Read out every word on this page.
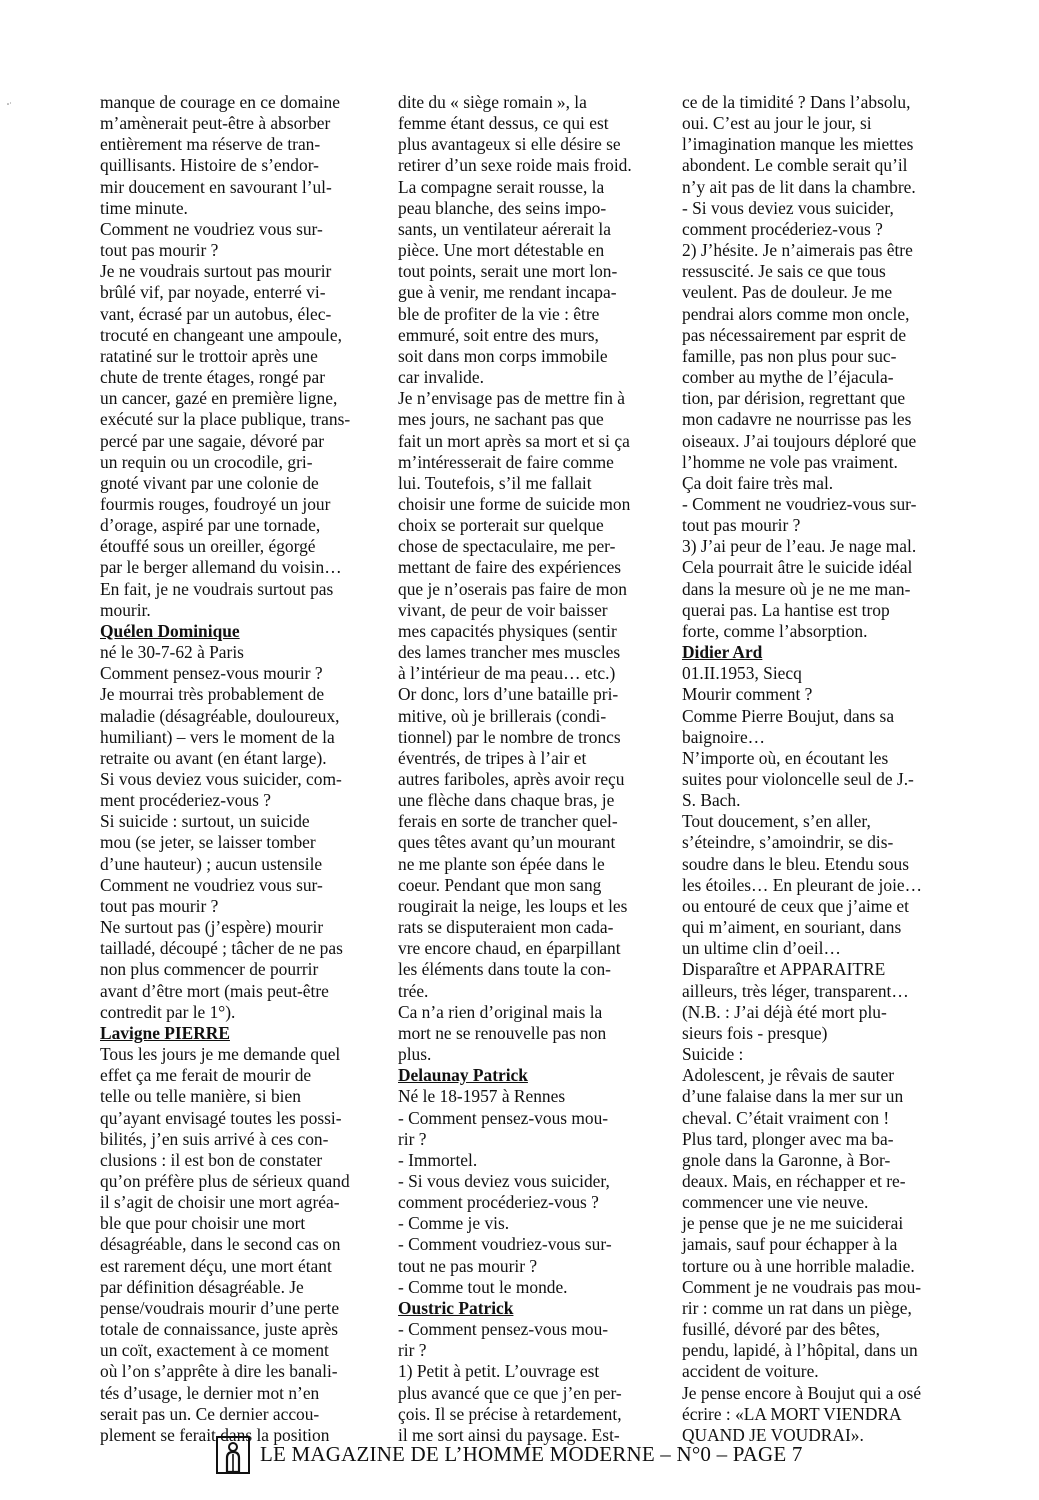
manque de courage en ce domaine

m’amènerait peut-être à absorber

entièrement ma réserve de tran-

quillisants. Histoire de s’endor-

mir doucement en savourant l’ul-

time minute.

Comment ne voudriez vous sur-

tout pas mourir ?

Je ne voudrais surtout pas mourir

brûlé vif, par noyade, enterré vi-

vant, écrasé par un autobus, élec-

trocuté en changeant une ampoule,

ratatiné sur le trottoir après une

chute de trente étages, rongé par

un cancer, gazé en première ligne,

exécuté sur la place publique, trans-

percé par une sagaie, dévoré par

un requin ou un crocodile, gri-

gnoté vivant par une colonie de

fourmis rouges, foudroyé un jour

d’orage, aspiré par une tornade,

étouffé sous un oreiller, égorgé

par le berger allemand du voisin…

En fait, je ne voudrais surtout pas

mourir.

Quélen Dominique

né le 30-7-62 à Paris

Comment pensez-vous mourir ?

Je mourrai très probablement de

maladie (désagréable, douloureux,

humiliant) – vers le moment de la

retraite ou avant (en étant large).

Si vous deviez vous suicider, com-

ment procéderiez-vous ?

Si suicide : surtout, un suicide

mou (se jeter, se laisser tomber

d’une hauteur) ; aucun ustensile

Comment ne voudriez vous sur-

tout pas mourir ?

Ne surtout pas (j’espère) mourir

tailladé, découpé ; tâcher de ne pas

non plus commencer de pourrir

avant d’être mort (mais peut-être

contredit par le 1°).

Lavigne PIERRE

Tous les jours je me demande quel

effet ça me ferait de mourir de

telle ou telle manière, si bien

qu’ayant envisagé toutes les possi-

bilités, j’en suis arrivé à ces con-

clusions : il est bon de constater

qu’on préfère plus de sérieux quand

il s’agit de choisir une mort agréa-

ble que pour choisir une mort

désagréable, dans le second cas on

est rarement déçu, une mort étant

par définition désagréable. Je

pense/voudrais mourir d’une perte

totale de connaissance, juste après

un coït, exactement à ce moment

où l’on s’apprête à dire les banali-

tés d’usage, le dernier mot n’en

serait pas un. Ce dernier accou-

plement se ferait dans la position

dite du « siège romain », la

femme étant dessus, ce qui est

plus avantageux si elle désire se

retirer d’un sexe roide mais froid.

La compagne serait rousse, la

peau blanche, des seins impo-

sants, un ventilateur aérerait la

pièce. Une mort détestable en

tout points, serait une mort lon-

gue à venir, me rendant incapa-

ble de profiter de la vie : être

emmuré, soit entre des murs,

soit dans mon corps immobile

car invalide.

Je n’envisage pas de mettre fin à

mes jours, ne sachant pas que

fait un mort après sa mort et si ça

m’intéresserait de faire comme

lui. Toutefois, s’il me fallait

choisir une forme de suicide mon

choix se porterait sur quelque

chose de spectaculaire, me per-

mettant de faire des expériences

que je n’oserais pas faire de mon

vivant, de peur de voir baisser

mes capacités physiques (sentir

des lames trancher mes muscles

à l’intérieur de ma peau… etc.)

Or donc, lors d’une bataille pri-

mitive, où je brillerais (condi-

tionnel) par le nombre de troncs

éventrés, de tripes à l’air et

autres fariboles, après avoir reçu

une flèche dans chaque bras, je

ferais en sorte de trancher quel-

ques têtes avant qu’un mourant

ne me plante son épée dans le

coeur. Pendant que mon sang

rougirait la neige, les loups et les

rats se disputeraient mon cada-

vre encore chaud, en éparpillant

les éléments dans toute la con-

trée.

Ca n’a rien d’original mais la

mort ne se renouvelle pas non

plus.

Delaunay Patrick

Né le 18-1957 à Rennes

- Comment pensez-vous mou-

rir ?

- Immortel.

- Si vous deviez vous suicider,

comment procéderiez-vous ?

- Comme je vis.

- Comment voudriez-vous sur-

tout ne pas mourir ?

- Comme tout le monde.

Oustric Patrick

- Comment pensez-vous mou-

rir ?

1) Petit à petit. L’ouvrage est

plus avancé que ce que j’en per-

çois. Il se précise à retardement,

il me sort ainsi du paysage. Est-

ce de la timidité ? Dans l’absolu,

oui. C’est au jour le jour, si

l’imagination manque les miettes

abondent. Le comble serait qu’il

n’y ait pas de lit dans la chambre.

- Si vous deviez vous suicider,

comment procéderiez-vous ?

2) J’hésite. Je n’aimerais pas être

ressuscité. Je sais ce que tous

veulent. Pas de douleur. Je me

pendrai alors comme mon oncle,

pas nécessairement par esprit de

famille, pas non plus pour suc-

comber au mythe de l’éjacula-

tion, par dérision, regrettant que

mon cadavre ne nourrisse pas les

oiseaux. J’ai toujours déploré que

l’homme ne vole pas vraiment.

Ça doit faire très mal.

- Comment ne voudriez-vous sur-

tout pas mourir ?

3) J’ai peur de l’eau. Je nage mal.

Cela pourrait âtre le suicide idéal

dans la mesure où je ne me man-

querai pas. La hantise est trop

forte, comme l’absorption.

Didier Ard

01.II.1953, Siecq

Mourir comment ?

Comme Pierre Boujut, dans sa

baignoire…

N’importe où, en écoutant les

suites pour violoncelle seul de J.-

S. Bach.

Tout doucement, s’en aller,

s’éteindre, s’amoindrir, se dis-

soudre dans le bleu. Etendu sous

les étoiles… En pleurant de joie…

ou entouré de ceux que j’aime et

qui m’aiment, en souriant, dans

un ultime clin d’oeil…

Disparaître et APPARAITRE

ailleurs, très léger, transparent…

(N.B. : J’ai déjà été mort plu-

sieurs fois - presque)

Suicide :

Adolescent, je rêvais de sauter

d’une falaise dans la mer sur un

cheval. C’était vraiment con !

Plus tard, plonger avec ma ba-

gnole dans la Garonne, à Bor-

deaux. Mais, en réchapper et re-

commencer une vie neuve.

je pense que je ne me suiciderai

jamais, sauf pour échapper à la

torture ou à une horrible maladie.

Comment je ne voudrais pas mou-

rir : comme un rat dans un piège,

fusillé, dévoré par des bêtes,

pendu, lapidé, à l’hôpital, dans un

accident de voiture.

Je pense encore à Boujut qui a osé

écrire : «LA MORT VIENDRA

QUAND JE VOUDRAI».

LE MAGAZINE DE L’HOMME MODERNE – N°0 – PAGE 7
